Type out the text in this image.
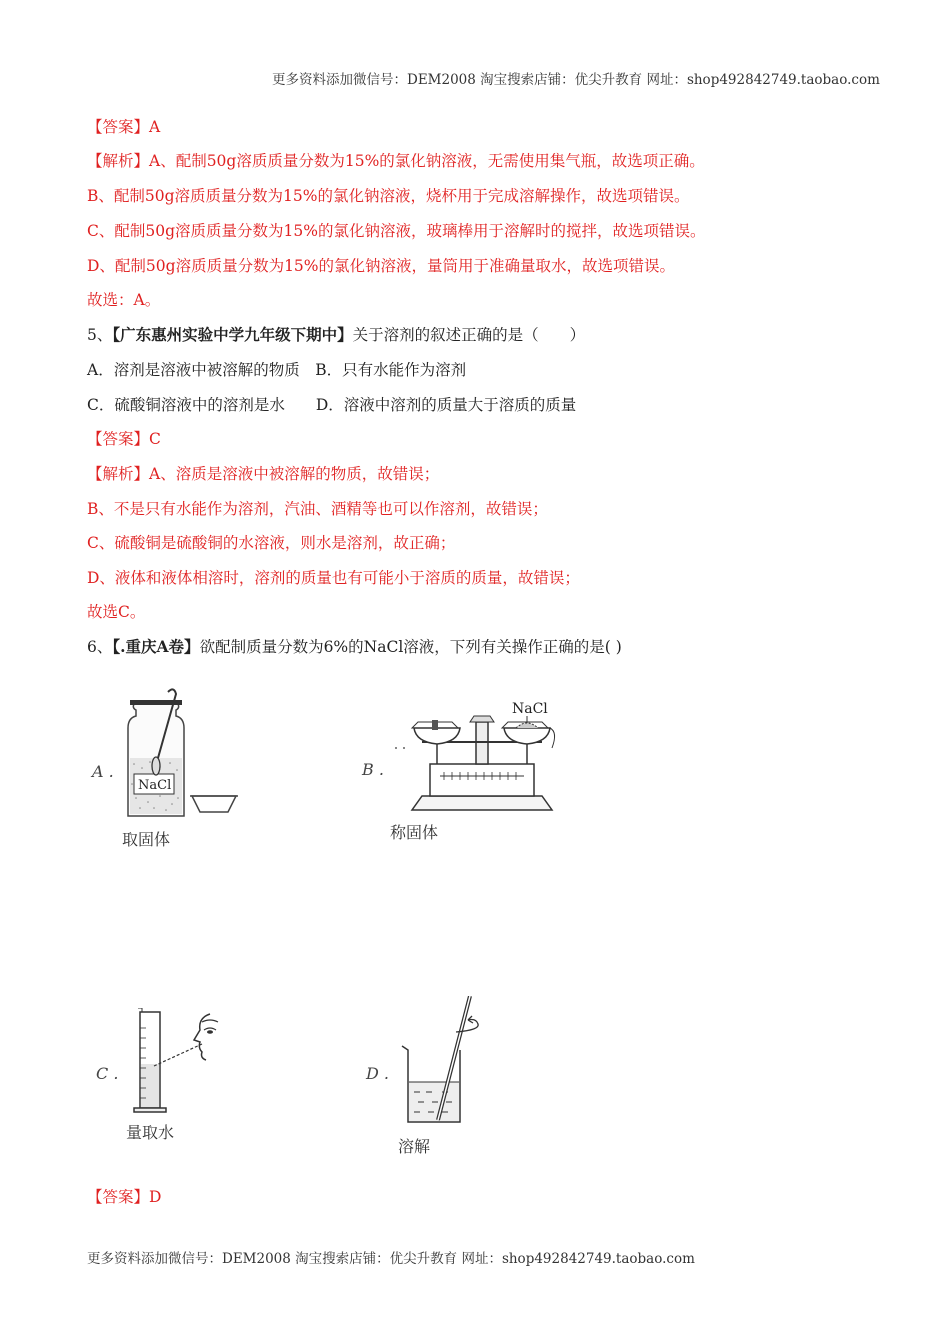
更多资料添加微信号：DEM2008 淘宝搜索店铺：优尖升教育 网址：shop492842749.taobao.com
【答案】A
【解析】A、配制50g溶质质量分数为15%的氯化钠溶液，无需使用集气瓶，故选项正确。
B、配制50g溶质质量分数为15%的氯化钠溶液，烧杯用于完成溶解操作，故选项错误。
C、配制50g溶质质量分数为15%的氯化钠溶液，玻璃棒用于溶解时的搅拌，故选项错误。
D、配制50g溶质质量分数为15%的氯化钠溶液，量筒用于准确量取水，故选项错误。
故选：A。
5、【广东惠州实验中学九年级下期中】关于溶剂的叙述正确的是（　　）
A．溶剂是溶液中被溶解的物质　B．只有水能作为溶剂
C．硫酸铜溶液中的溶剂是水　　D．溶液中溶剂的质量大于溶质的质量
【答案】C
【解析】A、溶质是溶液中被溶解的物质，故错误；
B、不是只有水能作为溶剂，汽油、酒精等也可以作溶剂，故错误；
C、硫酸铜是硫酸铜的水溶液，则水是溶剂，故正确；
D、液体和液体相溶时，溶剂的质量也有可能小于溶质的质量，故错误；
故选C。
6、【.重庆A卷】欲配制质量分数为6%的NaCl溶液，下列有关操作正确的是( )
A .
NaCl
取固体
B .
NaCl
称固体
C .
量取水
D .
溶解
【答案】D
更多资料添加微信号：DEM2008 淘宝搜索店铺：优尖升教育 网址：shop492842749.taobao.com
